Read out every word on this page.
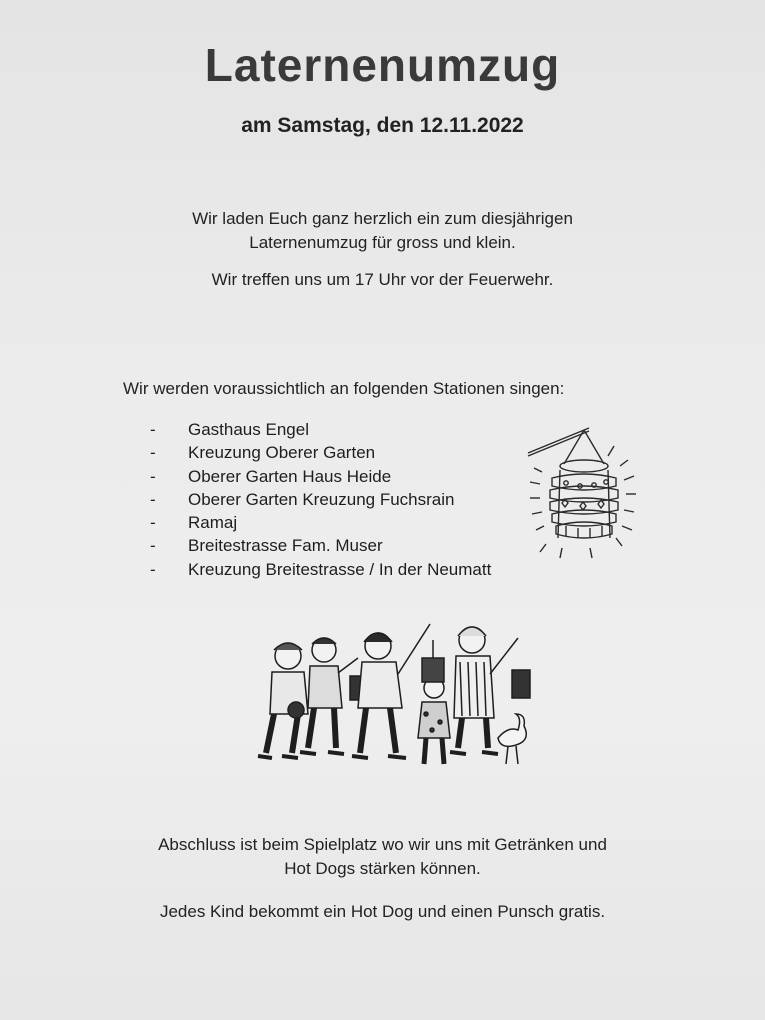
Laternenumzug
am Samstag, den 12.11.2022
Wir laden Euch ganz herzlich ein zum diesjährigen
Laternenumzug für gross und klein.
Wir treffen uns um 17 Uhr vor der Feuerwehr.
Wir werden voraussichtlich an folgenden Stationen singen:
- Gasthaus Engel
- Kreuzung Oberer Garten
- Oberer Garten Haus Heide
- Oberer Garten Kreuzung Fuchsrain
- Ramaj
- Breitestrasse Fam. Muser
- Kreuzung Breitestrasse / In der Neumatt
Abschluss ist beim Spielplatz wo wir uns mit Getränken und
Hot Dogs stärken können.
Jedes Kind bekommt ein Hot Dog und einen Punsch gratis.
